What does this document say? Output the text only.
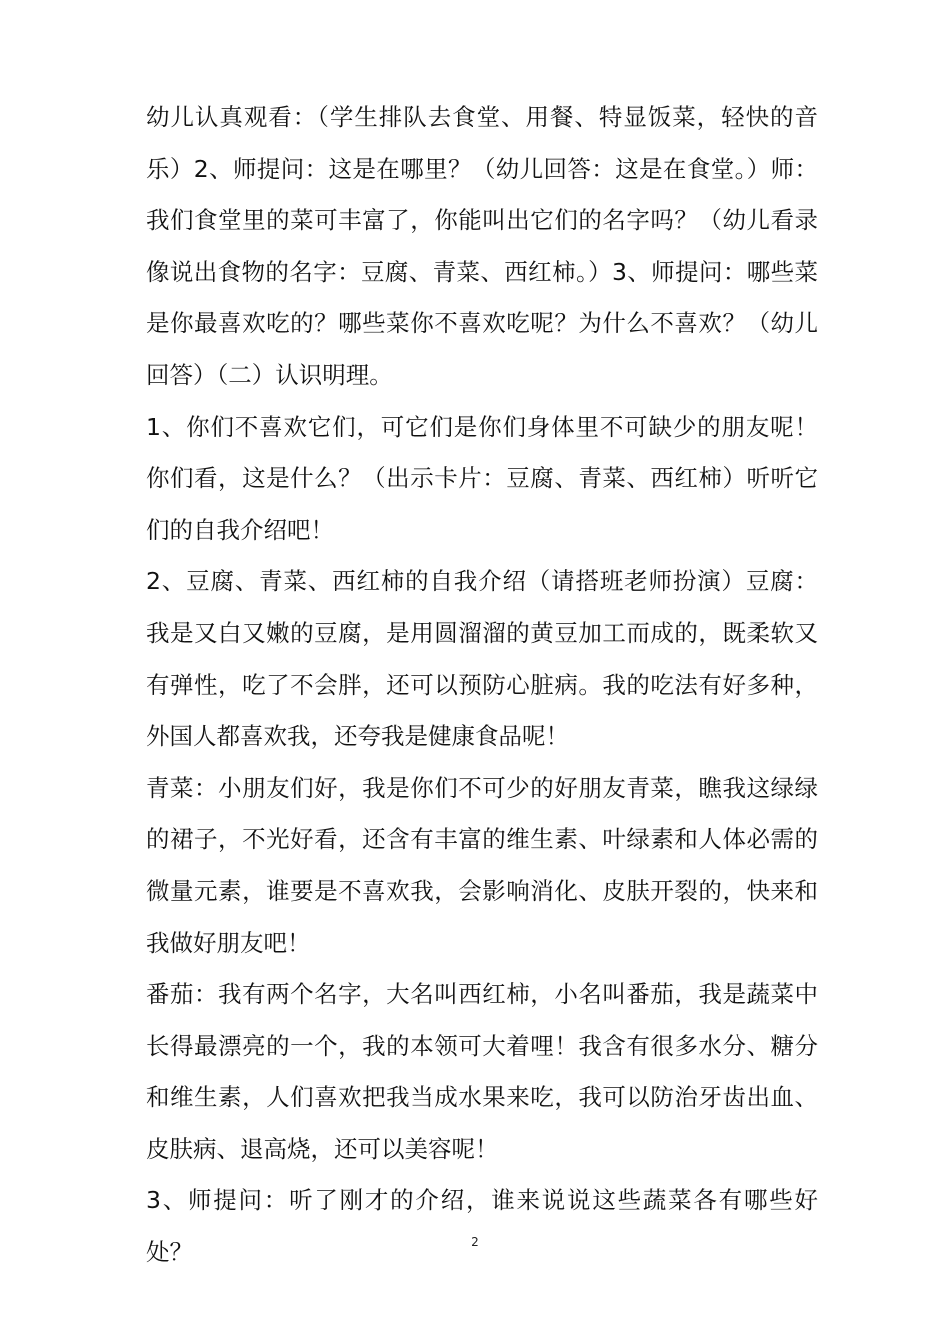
幼儿认真观看：（学生排队去食堂、用餐、特显饭菜，轻快的音乐）2、师提问：这是在哪里？（幼儿回答：这是在食堂。）师：我们食堂里的菜可丰富了，你能叫出它们的名字吗？（幼儿看录像说出食物的名字：豆腐、青菜、西红柿。）3、师提问：哪些菜是你最喜欢吃的？哪些菜你不喜欢吃呢？为什么不喜欢？（幼儿回答）（二）认识明理。

1、你们不喜欢它们，可它们是你们身体里不可缺少的朋友呢！你们看，这是什么？（出示卡片：豆腐、青菜、西红柿）听听它们的自我介绍吧！

2、豆腐、青菜、西红柿的自我介绍（请搭班老师扮演）豆腐：我是又白又嫩的豆腐，是用圆溜溜的黄豆加工而成的，既柔软又有弹性，吃了不会胖，还可以预防心脏病。我的吃法有好多种，外国人都喜欢我，还夸我是健康食品呢！

青菜：小朋友们好，我是你们不可少的好朋友青菜，瞧我这绿绿的裙子，不光好看，还含有丰富的维生素、叶绿素和人体必需的微量元素，谁要是不喜欢我，会影响消化、皮肤开裂的，快来和我做好朋友吧！

番茄：我有两个名字，大名叫西红柿，小名叫番茄，我是蔬菜中长得最漂亮的一个，我的本领可大着哩！我含有很多水分、糖分和维生素，人们喜欢把我当成水果来吃，我可以防治牙齿出血、皮肤病、退高烧，还可以美容呢！

3、师提问：听了刚才的介绍，谁来说说这些蔬菜各有哪些好处？	2
